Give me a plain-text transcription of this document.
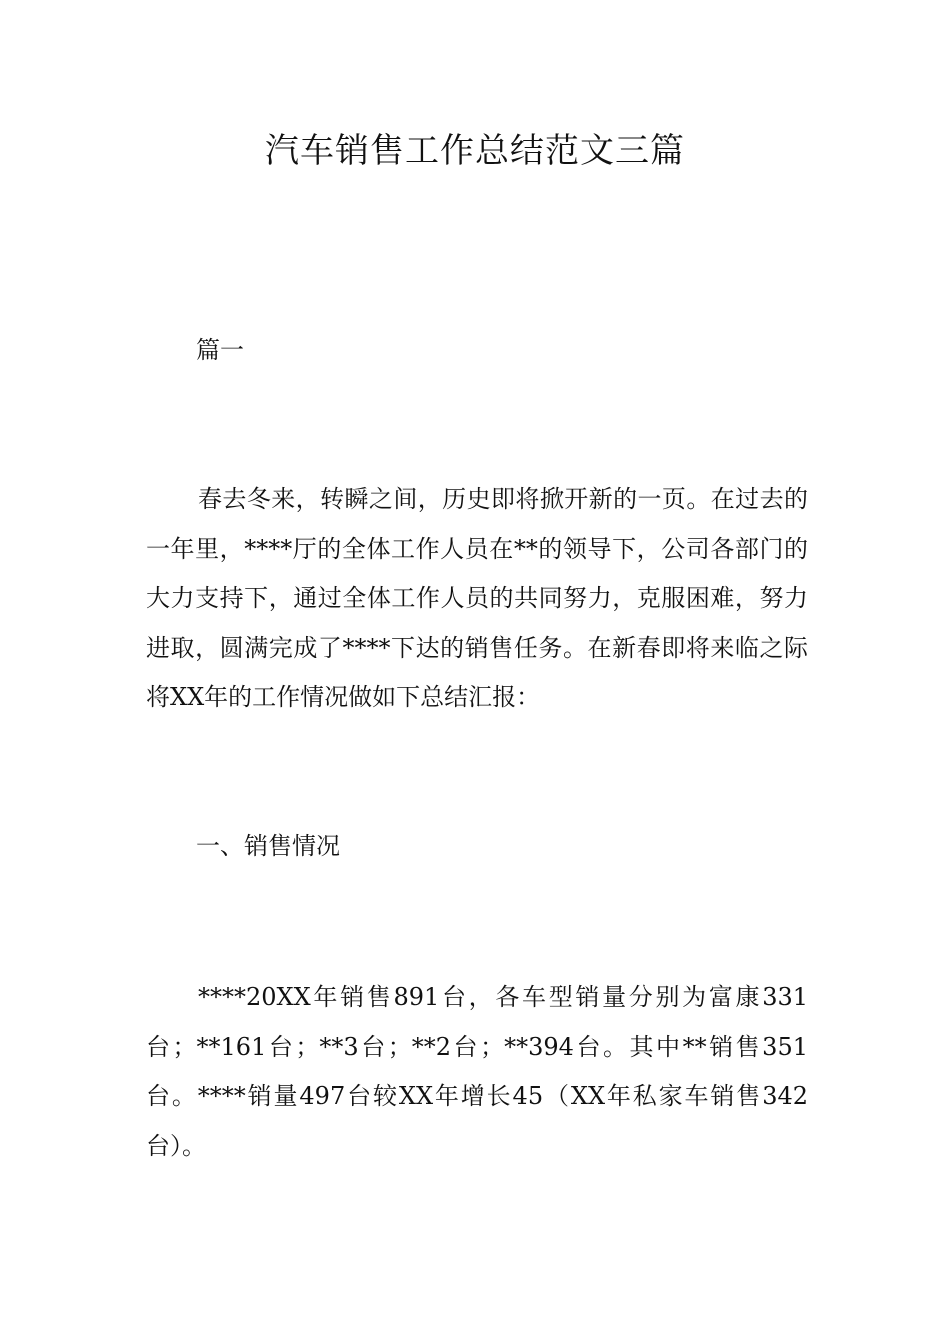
汽车销售工作总结范文三篇
篇一
春去冬来，转瞬之间，历史即将掀开新的一页。在过去的一年里，****厅的全体工作人员在**的领导下，公司各部门的大力支持下，通过全体工作人员的共同努力，克服困难，努力进取，圆满完成了****下达的销售任务。在新春即将来临之际将XX年的工作情况做如下总结汇报：
一、销售情况
****20XX年销售891台，各车型销量分别为富康331台；**161台；**3台；**2台；**394台。其中**销售351台。****销量497台较XX年增长45（XX年私家车销售342台）。
